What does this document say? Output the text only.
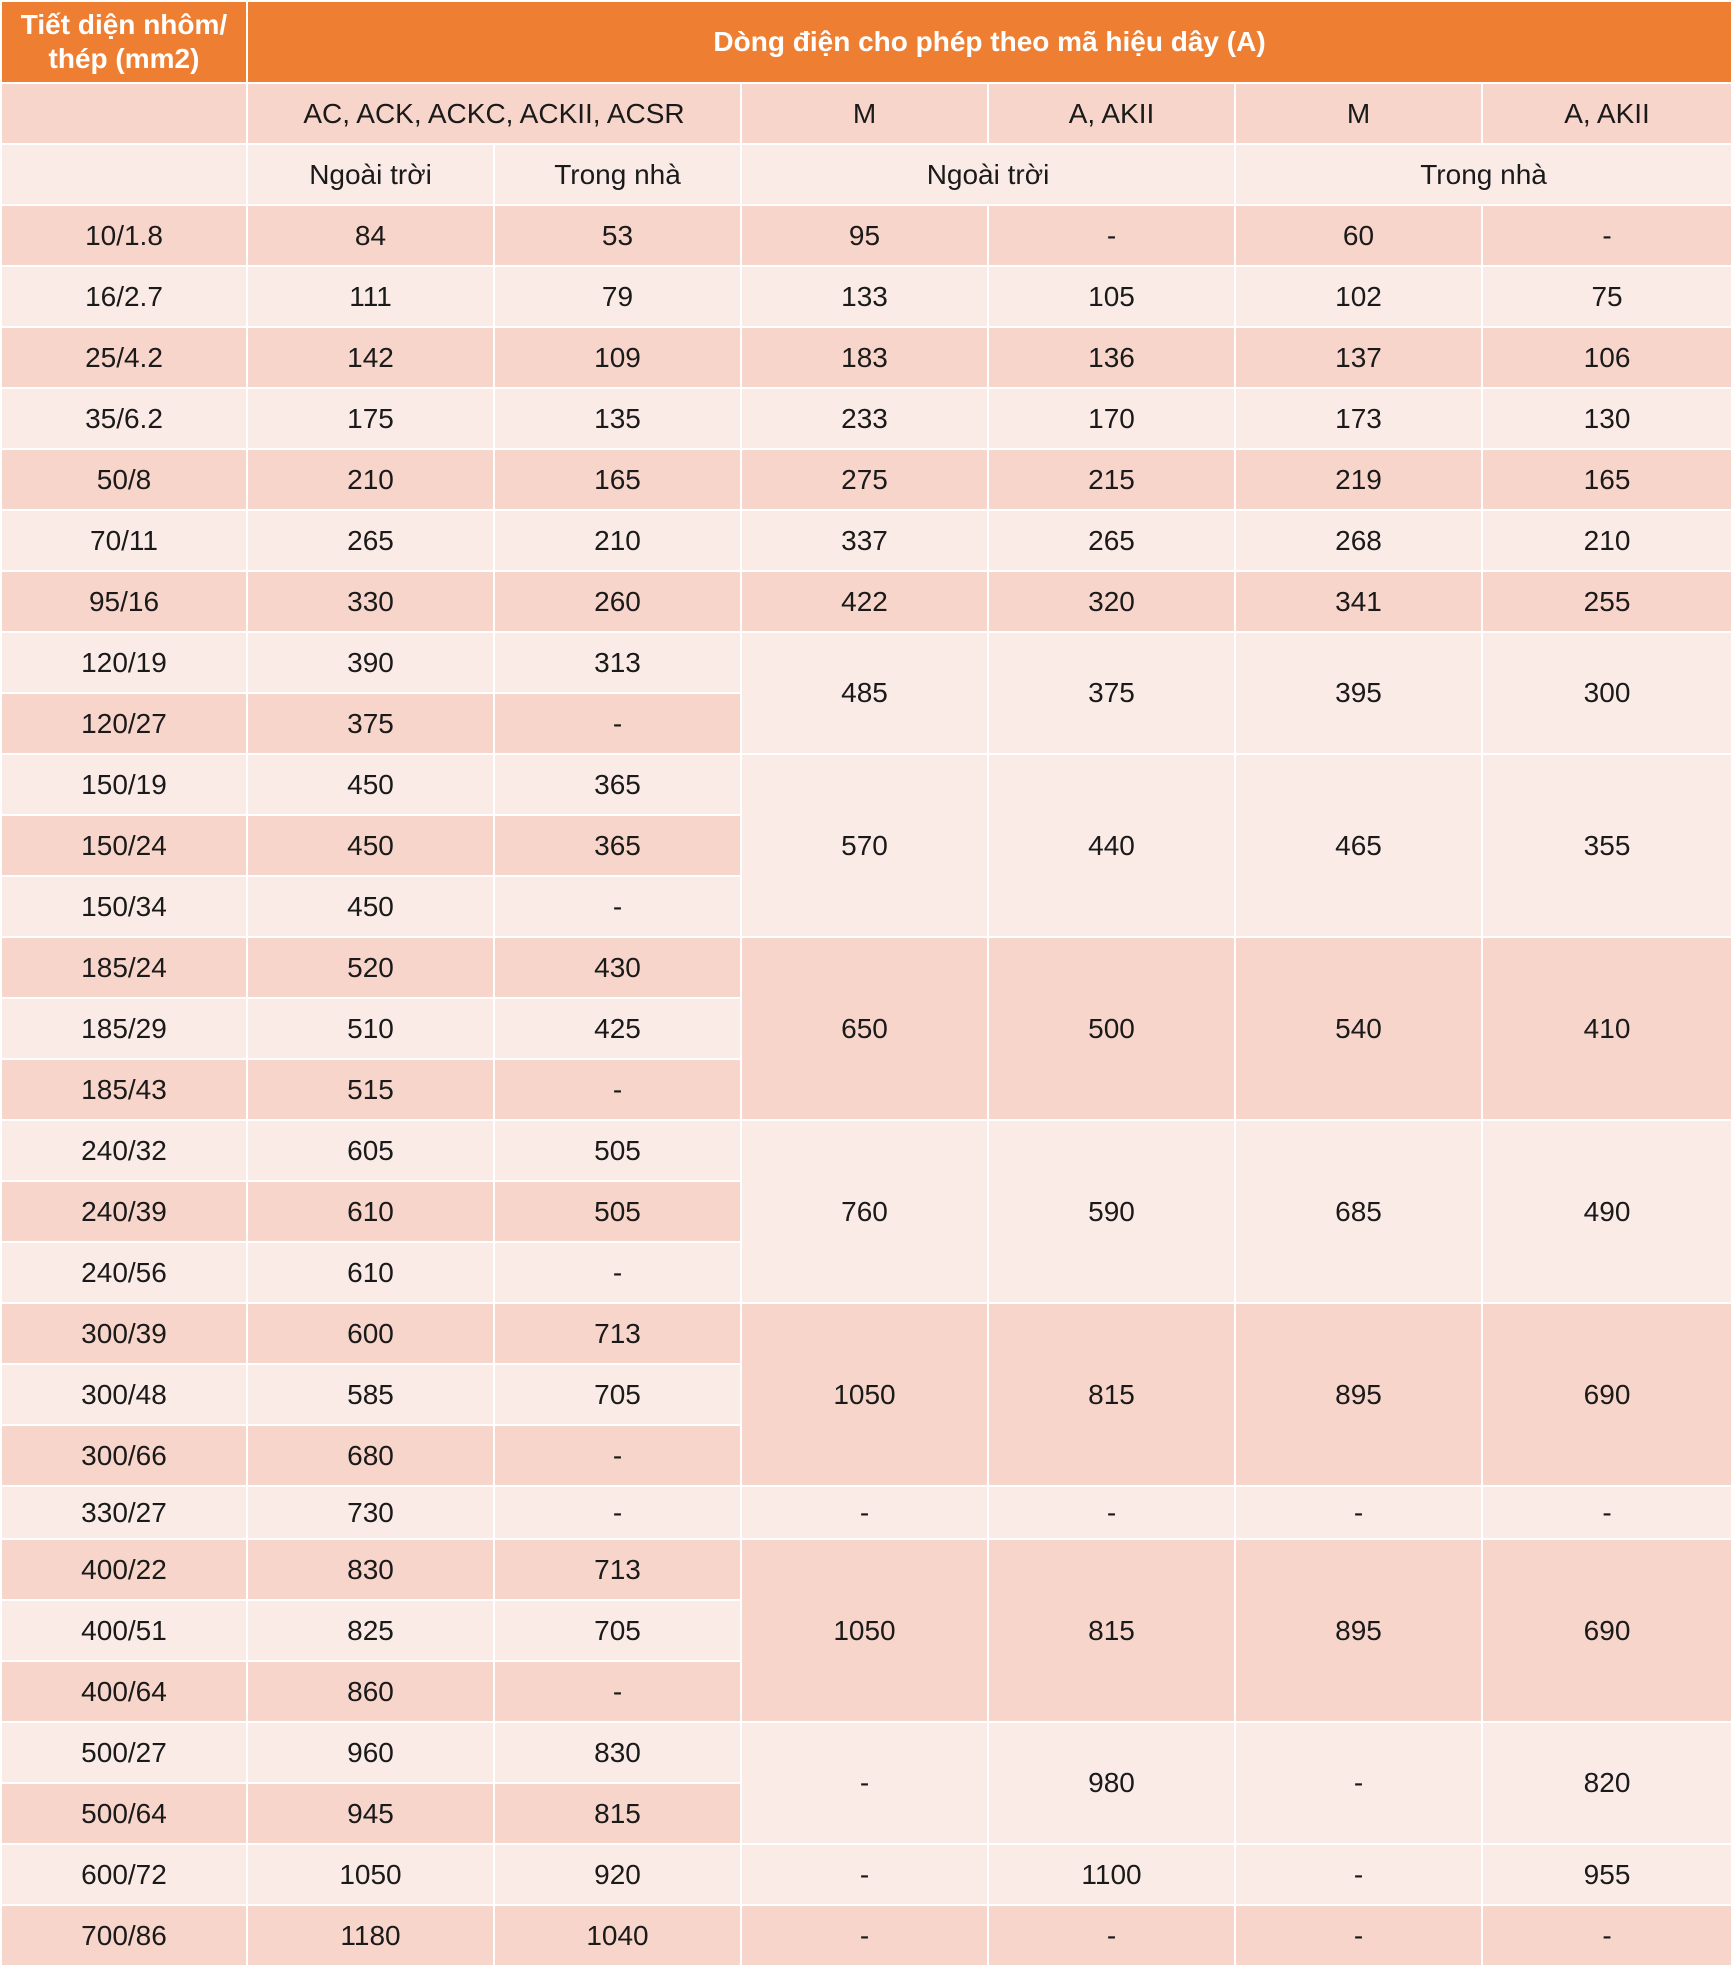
Tiết diện nhôm/ thép (mm2)	Dòng điện cho phép theo mã hiệu dây (A)					
	AC, ACK, ACKC, ACKII, ACSR		M	A, AKII	M	A, AKII
	Ngoài trời	Trong nhà	Ngoài trời		Trong nhà	
10/1.8	84	53	95	-	60	-
16/2.7	111	79	133	105	102	75
25/4.2	142	109	183	136	137	106
35/6.2	175	135	233	170	173	130
50/8	210	165	275	215	219	165
70/11	265	210	337	265	268	210
95/16	330	260	422	320	341	255
120/19	390	313	485	375	395	300
120/27	375	-				
150/19	450	365	570	440	465	355
150/24	450	365				
150/34	450	-				
185/24	520	430	650	500	540	410
185/29	510	425				
185/43	515	-				
240/32	605	505	760	590	685	490
240/39	610	505				
240/56	610	-				
300/39	600	713	1050	815	895	690
300/48	585	705				
300/66	680	-				
330/27	730	-	-	-	-	-
400/22	830	713	1050	815	895	690
400/51	825	705				
400/64	860	-				
500/27	960	830	-	980	-	820
500/64	945	815				
600/72	1050	920	-	1100	-	955
700/86	1180	1040	-	-	-	-
